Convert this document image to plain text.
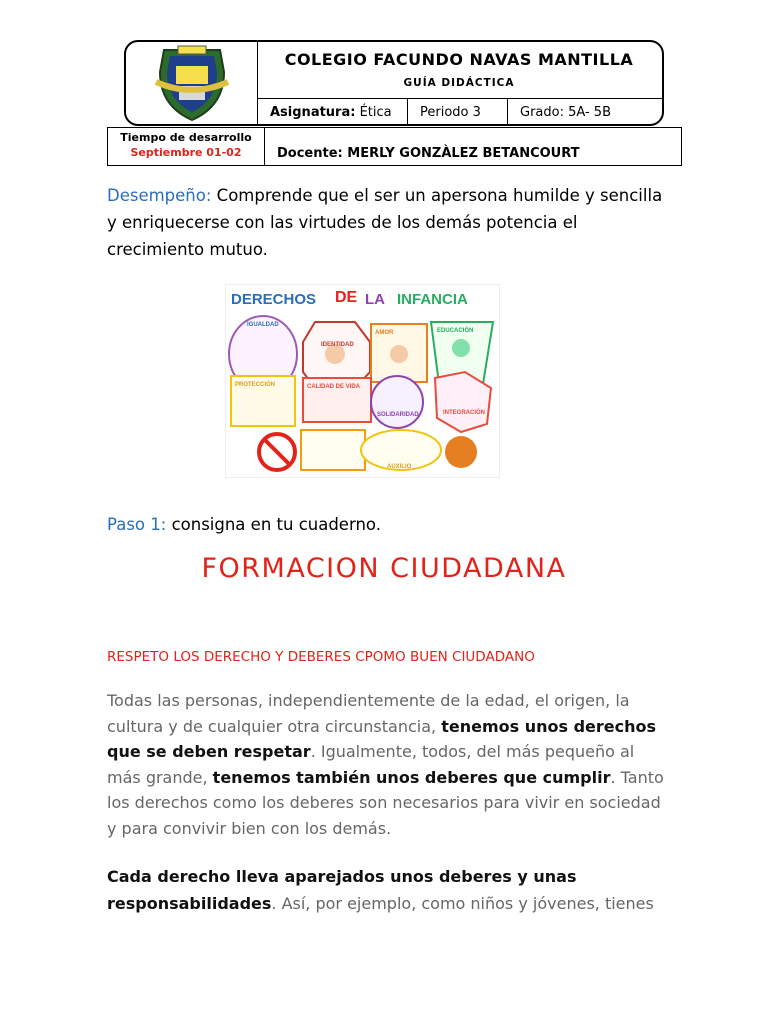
COLEGIO FACUNDO NAVAS MANTILLA
GUÍA DIDÁCTICA
Asignatura: Ética	Periodo 3	Grado: 5A- 5B
Tiempo de desarrollo
Septiembre 01-02	Docente: MERLY GONZÀLEZ BETANCOURT
Desempeño: Comprende que el ser un apersona humilde y sencilla y enriquecerse con las virtudes de los demás potencia el crecimiento mutuo.
DERECHOS DE LA INFANCIA
IGUALDAD
IDENTIDAD
AMOR	EDUCACIÓN
PROTECCIÓN	CALIDAD DE VIDA
SOLIDARIDAD	INTEGRACIÓN
AUXILIO
Paso 1: consigna en tu cuaderno.
FORMACION CIUDADANA
RESPETO LOS DERECHO Y DEBERES CPOMO BUEN CIUDADANO
Todas las personas, independientemente de la edad, el origen, la cultura y de cualquier otra circunstancia, tenemos unos derechos que se deben respetar. Igualmente, todos, del más pequeño al más grande, tenemos también unos deberes que cumplir. Tanto los derechos como los deberes son necesarios para vivir en sociedad y para convivir bien con los demás.
Cada derecho lleva aparejados unos deberes y unas responsabilidades. Así, por ejemplo, como niños y jóvenes, tienes
